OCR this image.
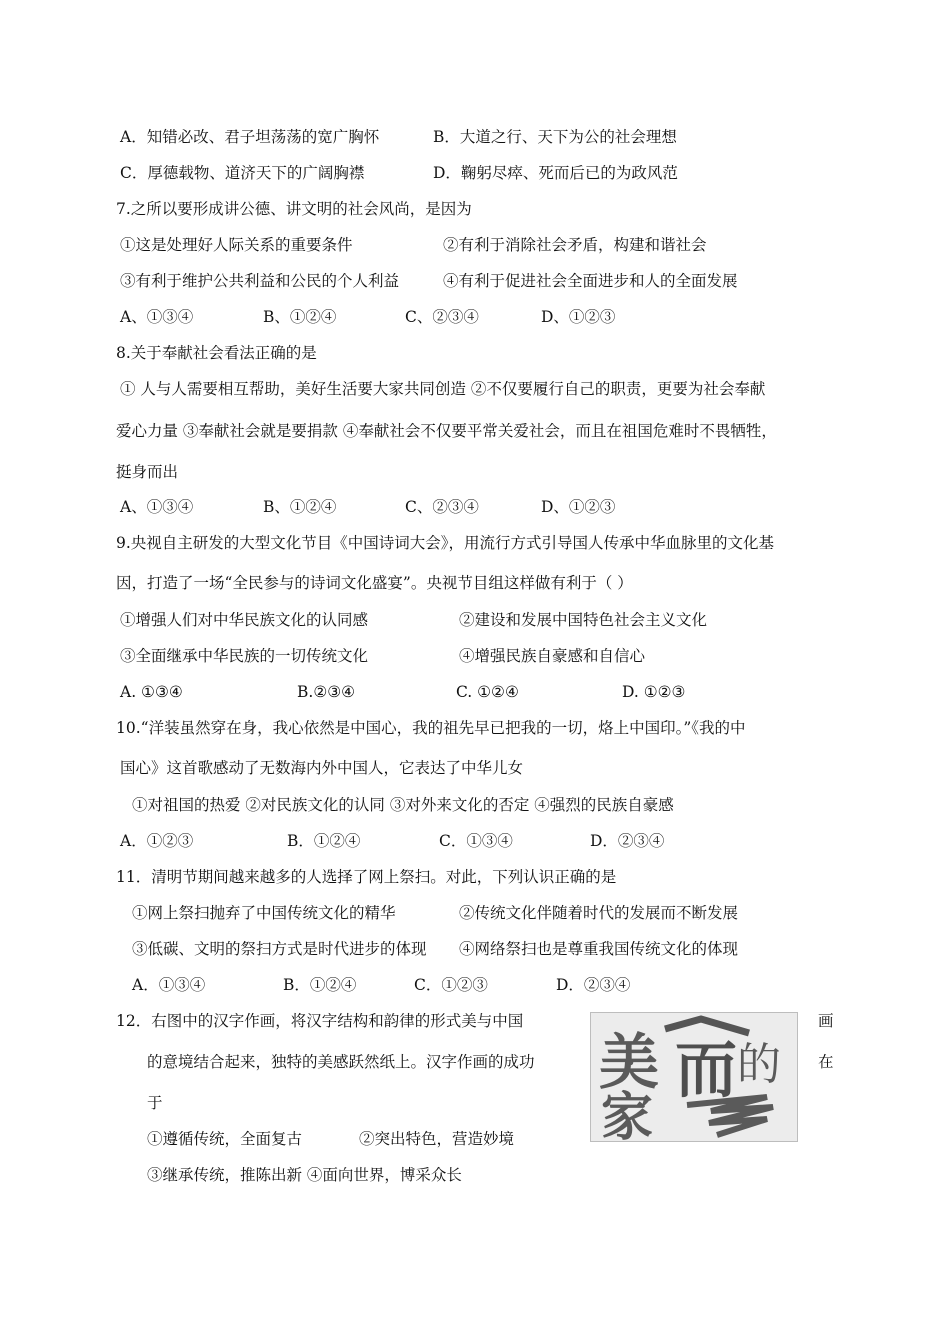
A．知错必改、君子坦荡荡的宽广胸怀	B．大道之行、天下为公的社会理想
C．厚德载物、道济天下的广阔胸襟	D．鞠躬尽瘁、死而后已的为政风范
7.之所以要形成讲公德、讲文明的社会风尚，是因为
①这是处理好人际关系的重要条件	②有利于消除社会矛盾，构建和谐社会
③有利于维护公共利益和公民的个人利益	④有利于促进社会全面进步和人的全面发展
A、①③④	B、①②④	C、②③④	D、①②③
8.关于奉献社会看法正确的是
① 人与人需要相互帮助，美好生活要大家共同创造 ②不仅要履行自己的职责，更要为社会奉献
爱心力量 ③奉献社会就是要捐款 ④奉献社会不仅要平常关爱社会，而且在祖国危难时不畏牺牲，
挺身而出
A、①③④	B、①②④	C、②③④	D、①②③
9.央视自主研发的大型文化节目《中国诗词大会》，用流行方式引导国人传承中华血脉里的文化基
因，打造了一场“全民参与的诗词文化盛宴”。央视节目组这样做有利于（ ）
①增强人们对中华民族文化的认同感	②建设和发展中国特色社会主义文化
③全面继承中华民族的一切传统文化	④增强民族自豪感和自信心
A. ①③④	B.②③④	C. ①②④	D. ①②③
10.“洋装虽然穿在身，我心依然是中国心，我的祖先早已把我的一切，烙上中国印。”《我的中
国心》这首歌感动了无数海内外中国人，它表达了中华儿女
①对祖国的热爱 ②对民族文化的认同 ③对外来文化的否定 ④强烈的民族自豪感
A．①②③	B．①②④	C．①③④	D．②③④
11．清明节期间越来越多的人选择了网上祭扫。对此，下列认识正确的是
①网上祭扫抛弃了中国传统文化的精华	②传统文化伴随着时代的发展而不断发展
③低碳、文明的祭扫方式是时代进步的体现 ④网络祭扫也是尊重我国传统文化的体现
A．①③④	B．①②④	C．①②③	D．②③④
12．右图中的汉字作画，将汉字结构和韵律的形式美与中国	画
的意境结合起来，独特的美感跃然纸上。汉字作画的成功	在
于
①遵循传统，全面复古	②突出特色，营造妙境
③继承传统，推陈出新 ④面向世界，博采众长
美
家
而 的
